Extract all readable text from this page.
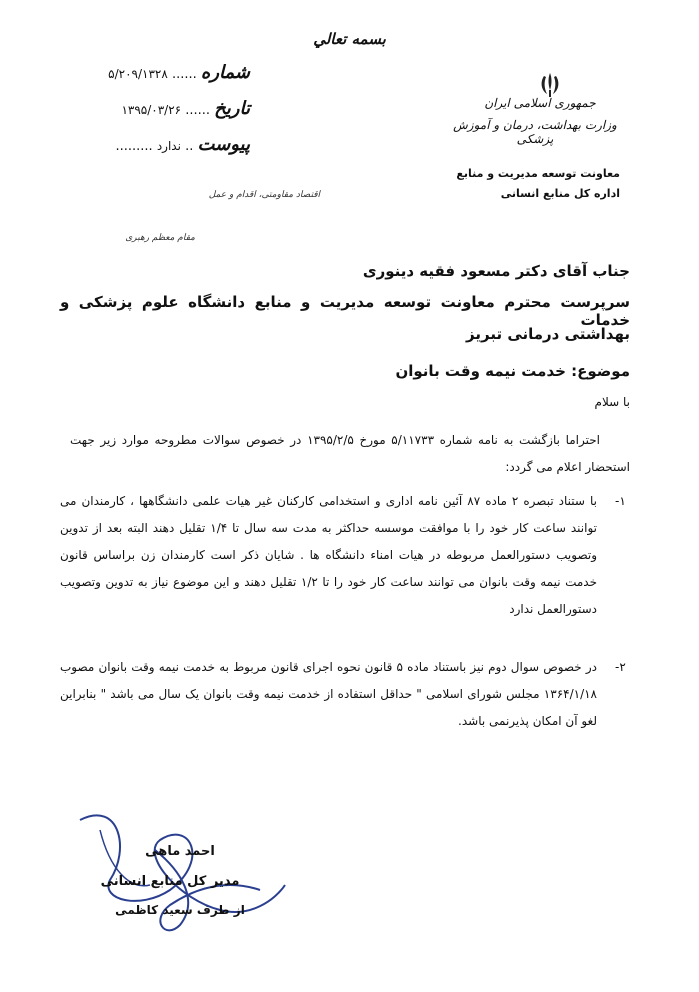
بسمه تعالي
شماره ...... ۵/۲۰۹/۱۳۲۸
تاریخ ...... ۱۳۹۵/۰۳/۲۶
پیوست .. ندارد .........
جمهوری اسلامی ایران
وزارت بهداشت، درمان و آموزش پزشکی
معاونت توسعه مدیریت و منابع
اداره کل منابع انسانی
اقتصاد مقاومتی، اقدام و عمل
مقام معظم رهبری
جناب آقای دکتر مسعود فقیه دینوری
سرپرست محترم معاونت توسعه مدیریت و منابع دانشگاه علوم پزشکی و خدمات
بهداشتی درمانی تبریز
موضوع: خدمت نیمه وقت بانوان
با سلام
احتراما بازگشت به نامه شماره ۵/۱۱۷۳۳ مورخ ۱۳۹۵/۲/۵ در خصوص سوالات مطروحه موارد زیر جهت استحضار اعلام می گردد:
۱-
با ستناد تبصره ۲ ماده ۸۷ آئین نامه اداری و استخدامی کارکنان غیر هیات علمی دانشگاهها ، کارمندان می توانند ساعت کار خود را با موافقت موسسه حداکثر به مدت سه سال تا ۱/۴ تقلیل دهند البته بعد از تدوین وتصویب دستورالعمل مربوطه در هیات امناء دانشگاه ها . شایان ذکر است کارمندان زن براساس قانون خدمت نیمه وقت بانوان می توانند ساعت کار خود را تا ۱/۲ تقلیل دهند و این موضوع نیاز به تدوین وتصویب دستورالعمل ندارد
۲-
در خصوص سوال دوم نیز باستناد ماده ۵ قانون نحوه اجرای قانون مربوط به خدمت نیمه وقت بانوان مصوب ۱۳۶۴/۱/۱۸ مجلس شورای اسلامی " حداقل استفاده از خدمت نیمه وقت بانوان یک سال می باشد " بنابراین لغو آن امکان پذیرنمی باشد.
احمد ماهی
مدیر کل منابع انسانی
از طرف سعید کاظمی
